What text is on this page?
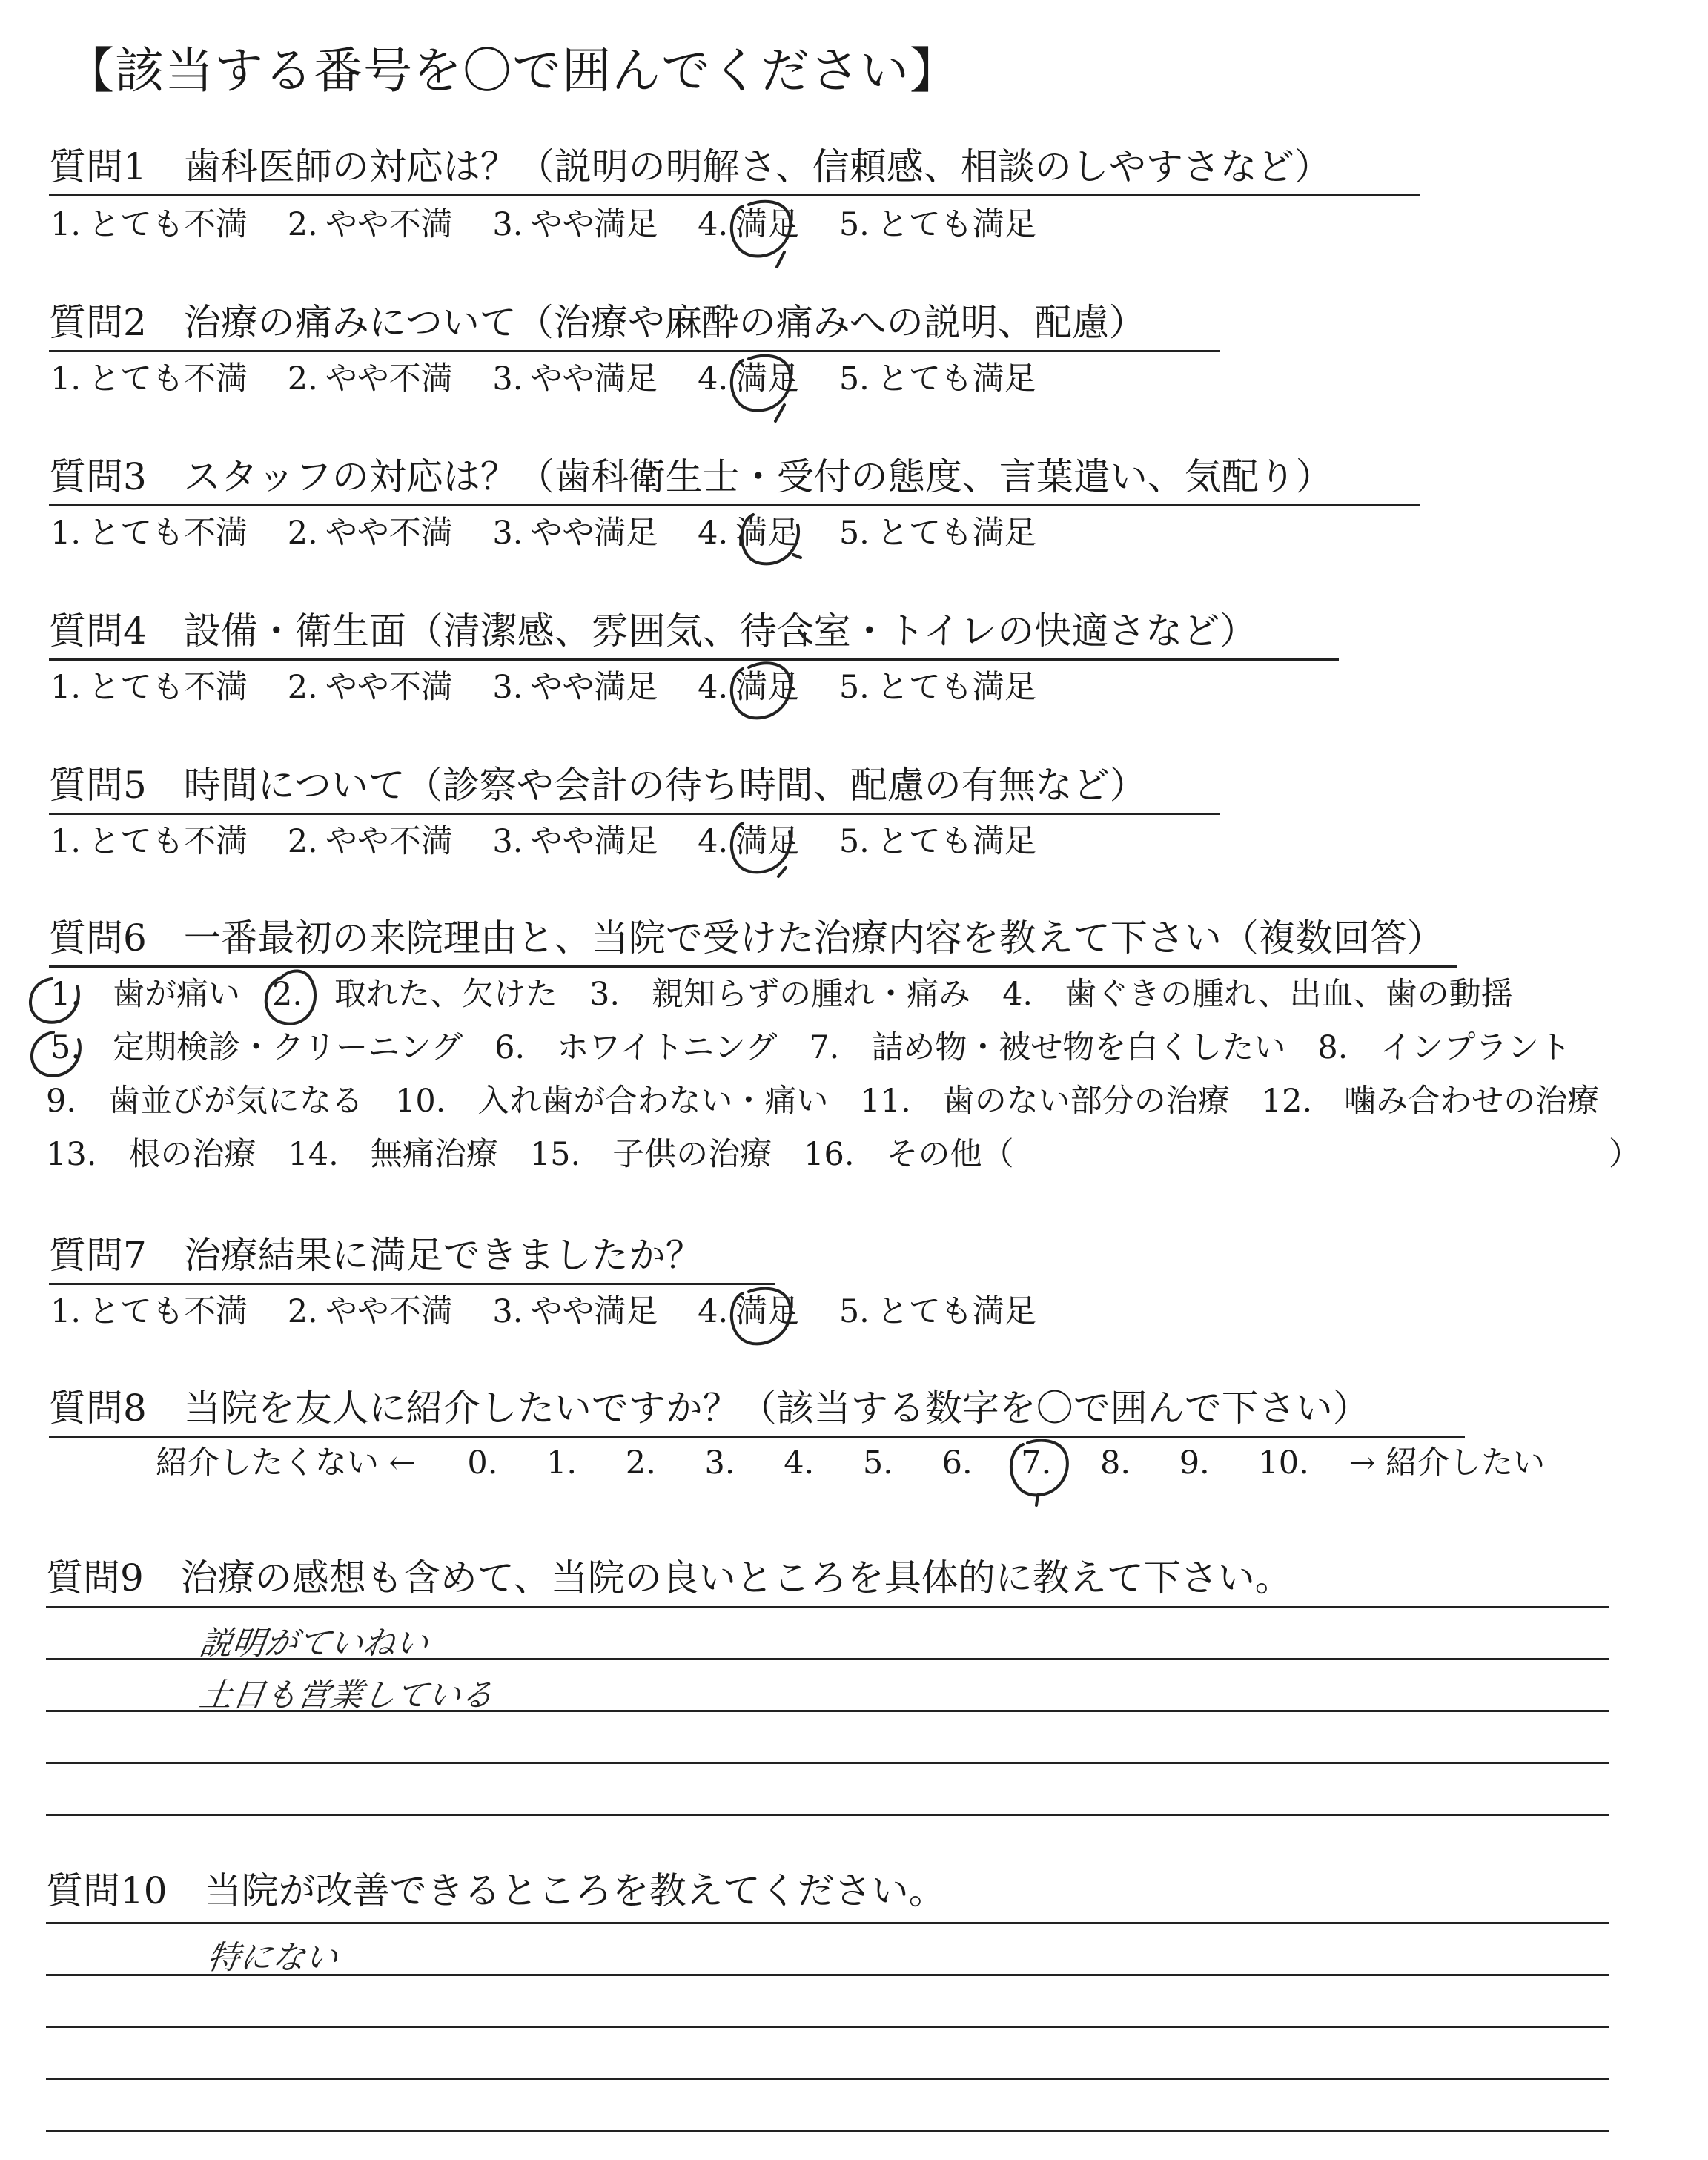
【該当する番号を〇で囲んでください】
質問1　歯科医師の対応は？（説明の明解さ、信頼感、相談のしやすさなど）
1. とても不満 2. やや不満 3. やや満足 4. 満足 5. とても満足
質問2　治療の痛みについて（治療や麻酔の痛みへの説明、配慮）
1. とても不満 2. やや不満 3. やや満足 4. 満足 5. とても満足
質問3　スタッフの対応は？（歯科衛生士・受付の態度、言葉遣い、気配り）
1. とても不満 2. やや不満 3. やや満足 4. 満足 5. とても満足
質問4　設備・衛生面（清潔感、雰囲気、待合室・トイレの快適さなど）
1. とても不満 2. やや不満 3. やや満足 4. 満足 5. とても満足
質問5　時間について（診察や会計の待ち時間、配慮の有無など）
1. とても不満 2. やや不満 3. やや満足 4. 満足 5. とても満足
質問6　一番最初の来院理由と、当院で受けた治療内容を教えて下さい（複数回答）
1.　歯が痛い　2.　取れた、欠けた　3.　親知らずの腫れ・痛み　4.　歯ぐきの腫れ、出血、歯の動揺
5.　定期検診・クリーニング　6.　ホワイトニング　7.　詰め物・被せ物を白くしたい　8.　インプラント
9.　歯並びが気になる　10.　入れ歯が合わない・痛い　11.　歯のない部分の治療　12.　噛み合わせの治療
13.　根の治療　14.　無痛治療　15.　子供の治療　16.　その他（	）
質問7　治療結果に満足できましたか？
1. とても不満 2. やや不満 3. やや満足 4. 満足 5. とても満足
質問8　当院を友人に紹介したいですか？（該当する数字を〇で囲んで下さい）
紹介したくない ← 0. 1. 2. 3. 4. 5. 6. 7. 8. 9. 10. → 紹介したい
質問9　治療の感想も含めて、当院の良いところを具体的に教えて下さい。
説明がていねい
土日も営業している
質問10　当院が改善できるところを教えてください。
特にない
